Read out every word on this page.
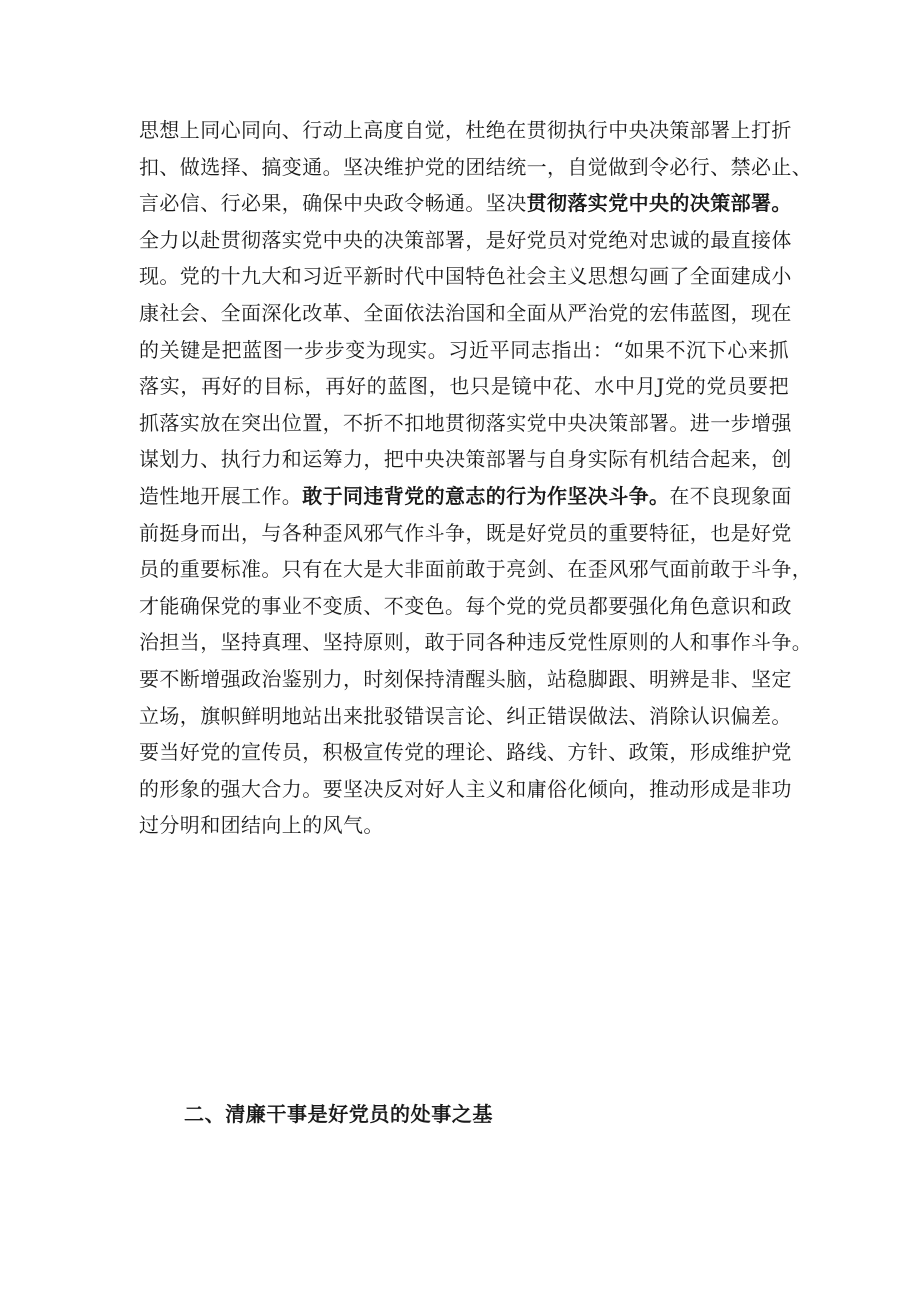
思想上同心同向、行动上高度自觉，杜绝在贯彻执行中央决策部署上打折
扣、做选择、搞变通。坚决维护党的团结统一，自觉做到令必行、禁必止、
言必信、行必果，确保中央政令畅通。坚决贯彻落实党中央的决策部署。
全力以赴贯彻落实党中央的决策部署，是好党员对党绝对忠诚的最直接体
现。党的十九大和习近平新时代中国特色社会主义思想勾画了全面建成小
康社会、全面深化改革、全面依法治国和全面从严治党的宏伟蓝图，现在
的关键是把蓝图一步步变为现实。习近平同志指出：“如果不沉下心来抓
落实，再好的目标，再好的蓝图，也只是镜中花、水中月J党的党员要把
抓落实放在突出位置，不折不扣地贯彻落实党中央决策部署。进一步增强
谋划力、执行力和运筹力，把中央决策部署与自身实际有机结合起来，创
造性地开展工作。敢于同违背党的意志的行为作坚决斗争。在不良现象面
前挺身而出，与各种歪风邪气作斗争，既是好党员的重要特征，也是好党
员的重要标准。只有在大是大非面前敢于亮剑、在歪风邪气面前敢于斗争，
才能确保党的事业不变质、不变色。每个党的党员都要强化角色意识和政
治担当，坚持真理、坚持原则，敢于同各种违反党性原则的人和事作斗争。
要不断增强政治鉴别力，时刻保持清醒头脑，站稳脚跟、明辨是非、坚定
立场，旗帜鲜明地站出来批驳错误言论、纠正错误做法、消除认识偏差。
要当好党的宣传员，积极宣传党的理论、路线、方针、政策，形成维护党
的形象的强大合力。要坚决反对好人主义和庸俗化倾向，推动形成是非功
过分明和团结向上的风气。
二、清廉干事是好党员的处事之基
